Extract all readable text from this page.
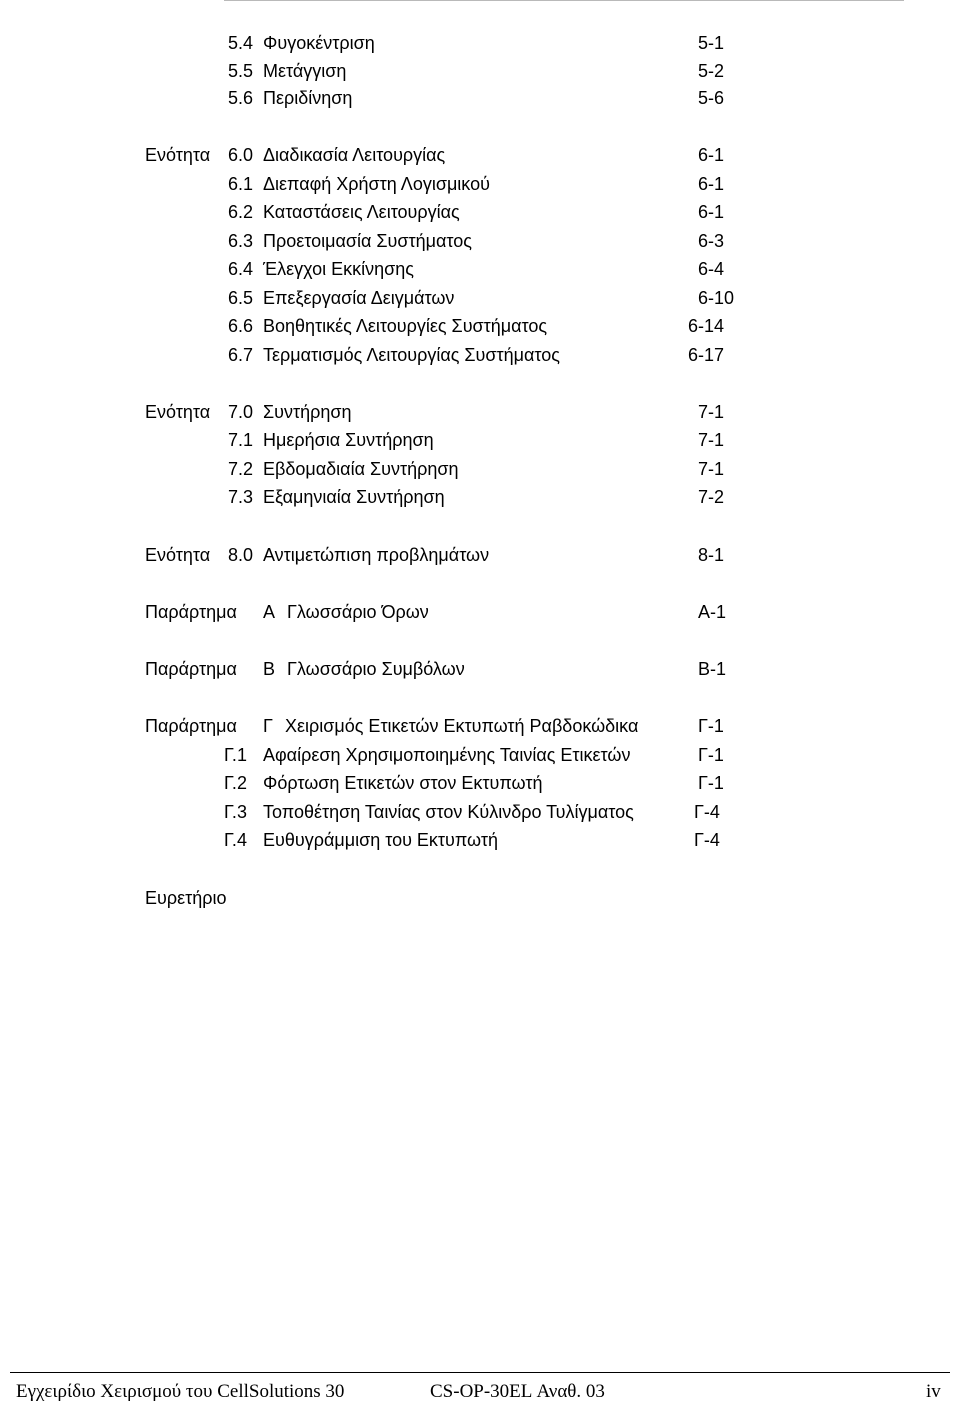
5.4 Φυγοκέντριση	5-1
5.5 Μετάγγιση	5-2
5.6 Περιδίνηση	5-6
Ενότητα 6.0 Διαδικασία Λειτουργίας	6-1
6.1 Διεπαφή Χρήστη Λογισμικού	6-1
6.2 Καταστάσεις Λειτουργίας	6-1
6.3 Προετοιμασία Συστήματος	6-3
6.4 Έλεγχοι Εκκίνησης	6-4
6.5 Επεξεργασία Δειγμάτων	6-10
6.6 Βοηθητικές Λειτουργίες Συστήματος	6-14
6.7 Τερματισμός Λειτουργίας Συστήματος	6-17
Ενότητα 7.0 Συντήρηση	7-1
7.1 Ημερήσια Συντήρηση	7-1
7.2 Εβδομαδιαία Συντήρηση	7-1
7.3 Εξαμηνιαία Συντήρηση	7-2
Ενότητα 8.0 Αντιμετώπιση προβλημάτων	8-1
Παράρτημα Α Γλωσσάριο Όρων	Α-1
Παράρτημα Β Γλωσσάριο Συμβόλων	Β-1
Παράρτημα Γ Χειρισμός Ετικετών Εκτυπωτή Ραβδοκώδικα	Γ-1
Γ.1 Αφαίρεση Χρησιμοποιημένης Ταινίας Ετικετών	Γ-1
Γ.2 Φόρτωση Ετικετών στον Εκτυπωτή	Γ-1
Γ.3 Τοποθέτηση Ταινίας στον Κύλινδρο Τυλίγματος	Γ-4
Γ.4 Ευθυγράμμιση του Εκτυπωτή	Γ-4
Ευρετήριο
Εγχειρίδιο Χειρισμού του CellSolutions 30	CS-OP-30EL Αναθ. 03	iv
